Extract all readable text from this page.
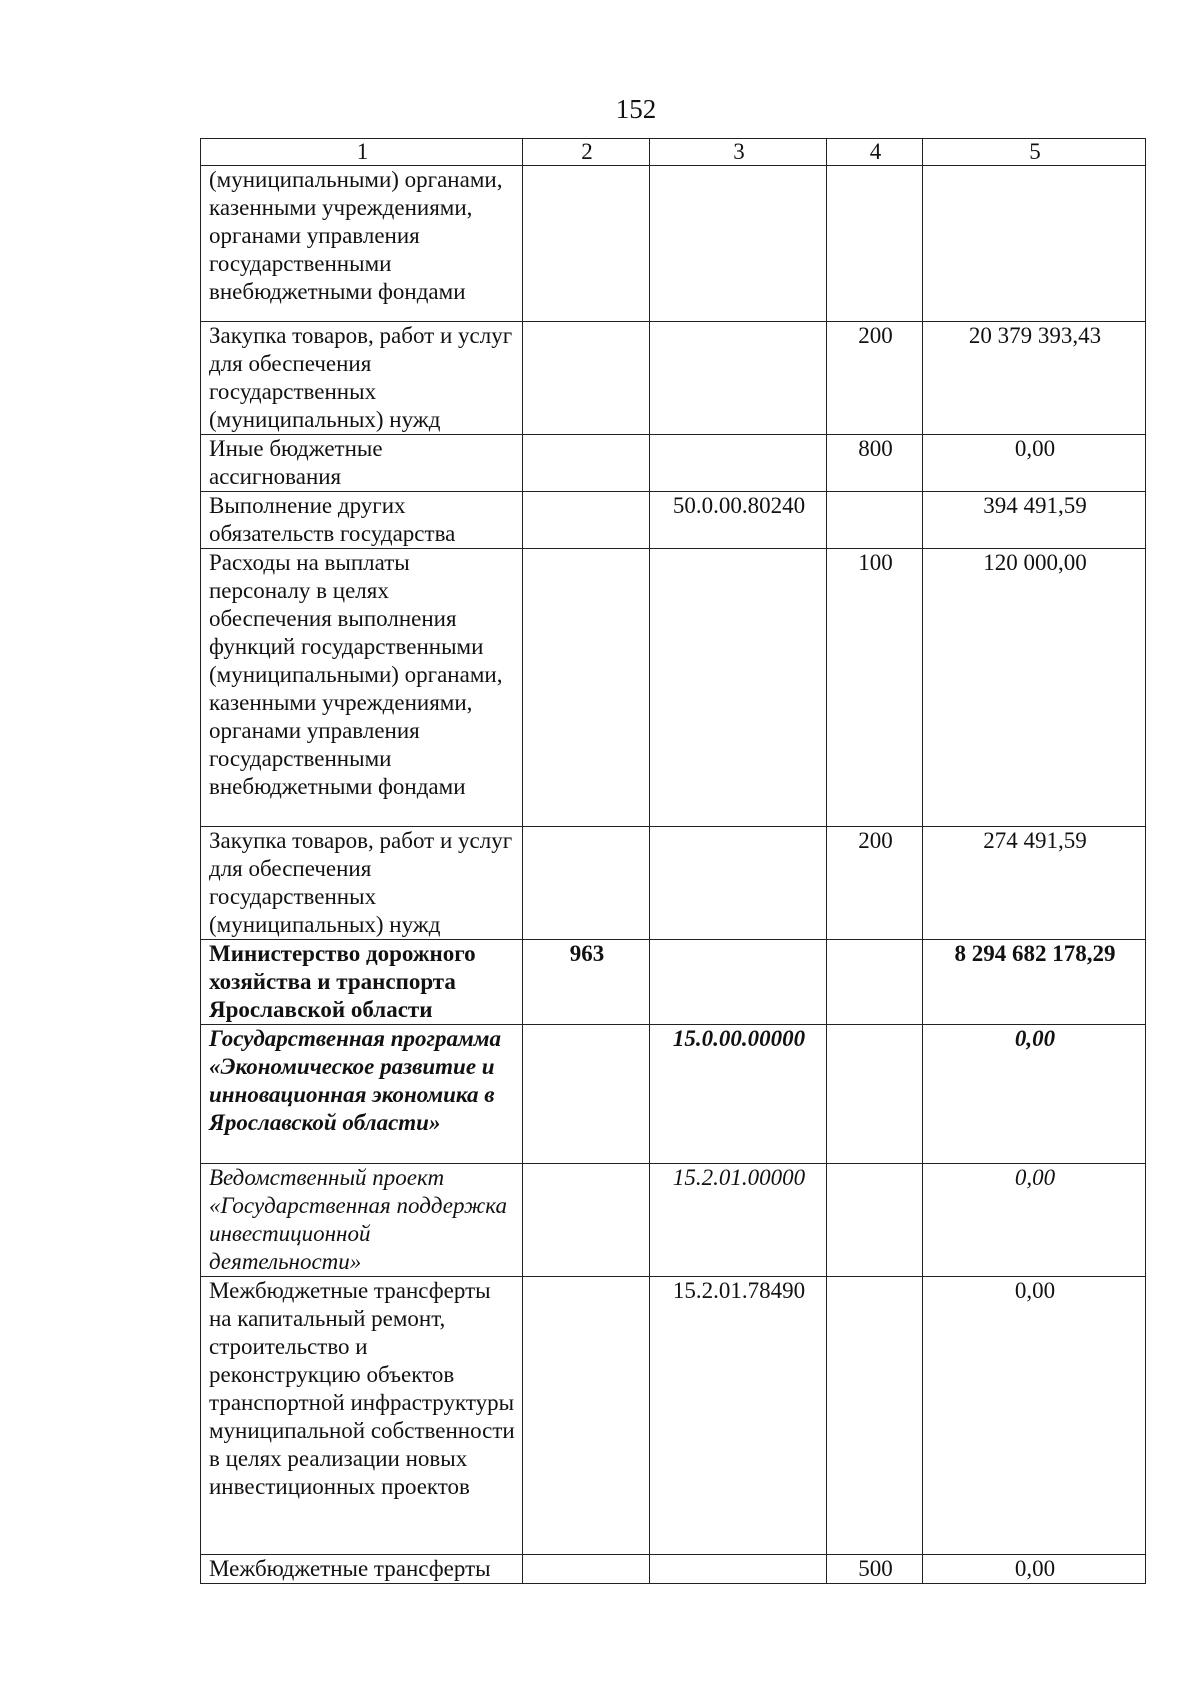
152
1	2	3	4	5
(муниципальными) органами, казенными учреждениями, органами управления государственными внебюджетными фондами				
Закупка товаров, работ и услуг для обеспечения государственных (муниципальных) нужд			200	20 379 393,43
Иные бюджетные ассигнования			800	0,00
Выполнение других обязательств государства		50.0.00.80240		394 491,59
Расходы на выплаты персоналу в целях обеспечения выполнения функций государственными (муниципальными) органами, казенными учреждениями, органами управления государственными внебюджетными фондами			100	120 000,00
Закупка товаров, работ и услуг для обеспечения государственных (муниципальных) нужд			200	274 491,59
Министерство дорожного хозяйства и транспорта Ярославской области	963			8 294 682 178,29
Государственная программа «Экономическое развитие и инновационная экономика в Ярославской области»		15.0.00.00000		0,00
Ведомственный проект «Государственная поддержка инвестиционной деятельности»		15.2.01.00000		0,00
Межбюджетные трансферты на капитальный ремонт, строительство и реконструкцию объектов транспортной инфраструктуры муниципальной собственности в целях реализации новых инвестиционных проектов		15.2.01.78490		0,00
Межбюджетные трансферты			500	0,00
